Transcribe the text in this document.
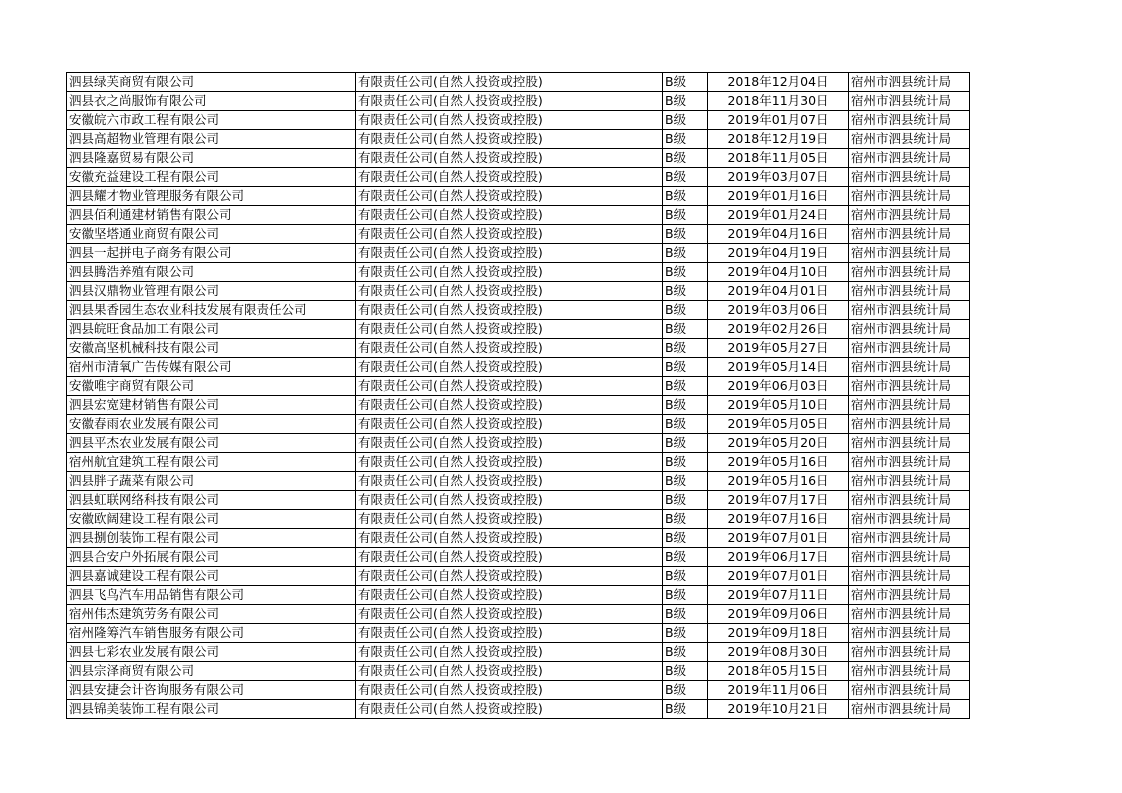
泗县绿芙商贸有限公司	有限责任公司(自然人投资或控股)	B级	2018年12月04日	宿州市泗县统计局
泗县衣之尚服饰有限公司	有限责任公司(自然人投资或控股)	B级	2018年11月30日	宿州市泗县统计局
安徽皖六市政工程有限公司	有限责任公司(自然人投资或控股)	B级	2019年01月07日	宿州市泗县统计局
泗县高超物业管理有限公司	有限责任公司(自然人投资或控股)	B级	2018年12月19日	宿州市泗县统计局
泗县隆嘉贸易有限公司	有限责任公司(自然人投资或控股)	B级	2018年11月05日	宿州市泗县统计局
安徽充益建设工程有限公司	有限责任公司(自然人投资或控股)	B级	2019年03月07日	宿州市泗县统计局
泗县耀才物业管理服务有限公司	有限责任公司(自然人投资或控股)	B级	2019年01月16日	宿州市泗县统计局
泗县佰利通建材销售有限公司	有限责任公司(自然人投资或控股)	B级	2019年01月24日	宿州市泗县统计局
安徽坚塔通业商贸有限公司	有限责任公司(自然人投资或控股)	B级	2019年04月16日	宿州市泗县统计局
泗县一起拼电子商务有限公司	有限责任公司(自然人投资或控股)	B级	2019年04月19日	宿州市泗县统计局
泗县腾浩养殖有限公司	有限责任公司(自然人投资或控股)	B级	2019年04月10日	宿州市泗县统计局
泗县汉鼎物业管理有限公司	有限责任公司(自然人投资或控股)	B级	2019年04月01日	宿州市泗县统计局
泗县果香园生态农业科技发展有限责任公司	有限责任公司(自然人投资或控股)	B级	2019年03月06日	宿州市泗县统计局
泗县皖旺食品加工有限公司	有限责任公司(自然人投资或控股)	B级	2019年02月26日	宿州市泗县统计局
安徽高坚机械科技有限公司	有限责任公司(自然人投资或控股)	B级	2019年05月27日	宿州市泗县统计局
宿州市清氧广告传媒有限公司	有限责任公司(自然人投资或控股)	B级	2019年05月14日	宿州市泗县统计局
安徽唯宇商贸有限公司	有限责任公司(自然人投资或控股)	B级	2019年06月03日	宿州市泗县统计局
泗县宏宽建材销售有限公司	有限责任公司(自然人投资或控股)	B级	2019年05月10日	宿州市泗县统计局
安徽春雨农业发展有限公司	有限责任公司(自然人投资或控股)	B级	2019年05月05日	宿州市泗县统计局
泗县平杰农业发展有限公司	有限责任公司(自然人投资或控股)	B级	2019年05月20日	宿州市泗县统计局
宿州航宜建筑工程有限公司	有限责任公司(自然人投资或控股)	B级	2019年05月16日	宿州市泗县统计局
泗县胖子蔬菜有限公司	有限责任公司(自然人投资或控股)	B级	2019年05月16日	宿州市泗县统计局
泗县虹联网络科技有限公司	有限责任公司(自然人投资或控股)	B级	2019年07月17日	宿州市泗县统计局
安徽欧阔建设工程有限公司	有限责任公司(自然人投资或控股)	B级	2019年07月16日	宿州市泗县统计局
泗县捌创装饰工程有限公司	有限责任公司(自然人投资或控股)	B级	2019年07月01日	宿州市泗县统计局
泗县合安户外拓展有限公司	有限责任公司(自然人投资或控股)	B级	2019年06月17日	宿州市泗县统计局
泗县嘉诚建设工程有限公司	有限责任公司(自然人投资或控股)	B级	2019年07月01日	宿州市泗县统计局
泗县飞鸟汽车用品销售有限公司	有限责任公司(自然人投资或控股)	B级	2019年07月11日	宿州市泗县统计局
宿州伟杰建筑劳务有限公司	有限责任公司(自然人投资或控股)	B级	2019年09月06日	宿州市泗县统计局
宿州隆筹汽车销售服务有限公司	有限责任公司(自然人投资或控股)	B级	2019年09月18日	宿州市泗县统计局
泗县七彩农业发展有限公司	有限责任公司(自然人投资或控股)	B级	2019年08月30日	宿州市泗县统计局
泗县宗泽商贸有限公司	有限责任公司(自然人投资或控股)	B级	2018年05月15日	宿州市泗县统计局
泗县安捷会计咨询服务有限公司	有限责任公司(自然人投资或控股)	B级	2019年11月06日	宿州市泗县统计局
泗县锦美装饰工程有限公司	有限责任公司(自然人投资或控股)	B级	2019年10月21日	宿州市泗县统计局
